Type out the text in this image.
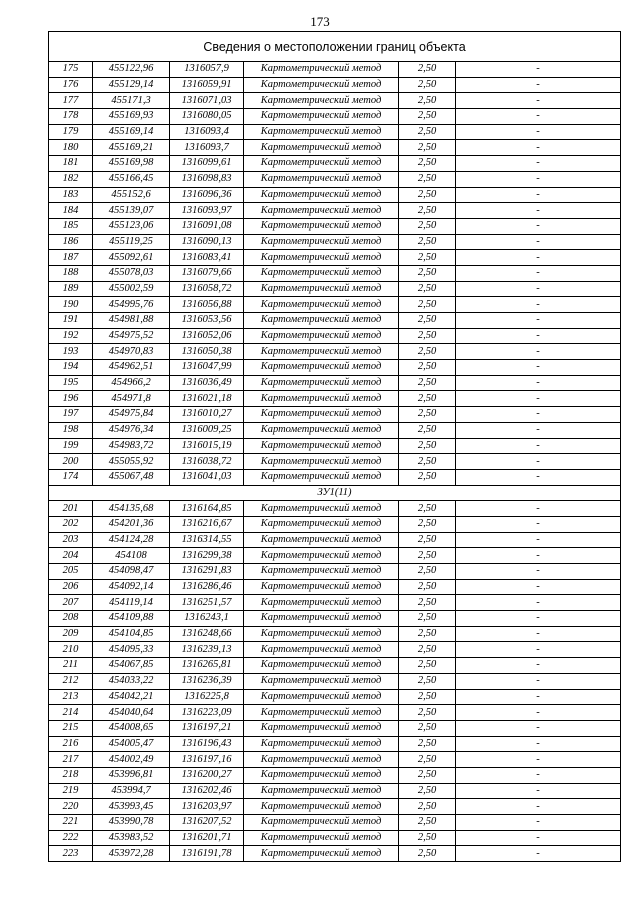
173
Сведения о местоположении границ объекта					
175	455122,96	1316057,9	Картометрический метод	2,50	-
176	455129,14	1316059,91	Картометрический метод	2,50	-
177	455171,3	1316071,03	Картометрический метод	2,50	-
178	455169,93	1316080,05	Картометрический метод	2,50	-
179	455169,14	1316093,4	Картометрический метод	2,50	-
180	455169,21	1316093,7	Картометрический метод	2,50	-
181	455169,98	1316099,61	Картометрический метод	2,50	-
182	455166,45	1316098,83	Картометрический метод	2,50	-
183	455152,6	1316096,36	Картометрический метод	2,50	-
184	455139,07	1316093,97	Картометрический метод	2,50	-
185	455123,06	1316091,08	Картометрический метод	2,50	-
186	455119,25	1316090,13	Картометрический метод	2,50	-
187	455092,61	1316083,41	Картометрический метод	2,50	-
188	455078,03	1316079,66	Картометрический метод	2,50	-
189	455002,59	1316058,72	Картометрический метод	2,50	-
190	454995,76	1316056,88	Картометрический метод	2,50	-
191	454981,88	1316053,56	Картометрический метод	2,50	-
192	454975,52	1316052,06	Картометрический метод	2,50	-
193	454970,83	1316050,38	Картометрический метод	2,50	-
194	454962,51	1316047,99	Картометрический метод	2,50	-
195	454966,2	1316036,49	Картометрический метод	2,50	-
196	454971,8	1316021,18	Картометрический метод	2,50	-
197	454975,84	1316010,27	Картометрический метод	2,50	-
198	454976,34	1316009,25	Картометрический метод	2,50	-
199	454983,72	1316015,19	Картометрический метод	2,50	-
200	455055,92	1316038,72	Картометрический метод	2,50	-
174	455067,48	1316041,03	Картометрический метод	2,50	-
ЗУ1(11)					
201	454135,68	1316164,85	Картометрический метод	2,50	-
202	454201,36	1316216,67	Картометрический метод	2,50	-
203	454124,28	1316314,55	Картометрический метод	2,50	-
204	454108	1316299,38	Картометрический метод	2,50	-
205	454098,47	1316291,83	Картометрический метод	2,50	-
206	454092,14	1316286,46	Картометрический метод	2,50	-
207	454119,14	1316251,57	Картометрический метод	2,50	-
208	454109,88	1316243,1	Картометрический метод	2,50	-
209	454104,85	1316248,66	Картометрический метод	2,50	-
210	454095,33	1316239,13	Картометрический метод	2,50	-
211	454067,85	1316265,81	Картометрический метод	2,50	-
212	454033,22	1316236,39	Картометрический метод	2,50	-
213	454042,21	1316225,8	Картометрический метод	2,50	-
214	454040,64	1316223,09	Картометрический метод	2,50	-
215	454008,65	1316197,21	Картометрический метод	2,50	-
216	454005,47	1316196,43	Картометрический метод	2,50	-
217	454002,49	1316197,16	Картометрический метод	2,50	-
218	453996,81	1316200,27	Картометрический метод	2,50	-
219	453994,7	1316202,46	Картометрический метод	2,50	-
220	453993,45	1316203,97	Картометрический метод	2,50	-
221	453990,78	1316207,52	Картометрический метод	2,50	-
222	453983,52	1316201,71	Картометрический метод	2,50	-
223	453972,28	1316191,78	Картометрический метод	2,50	-
